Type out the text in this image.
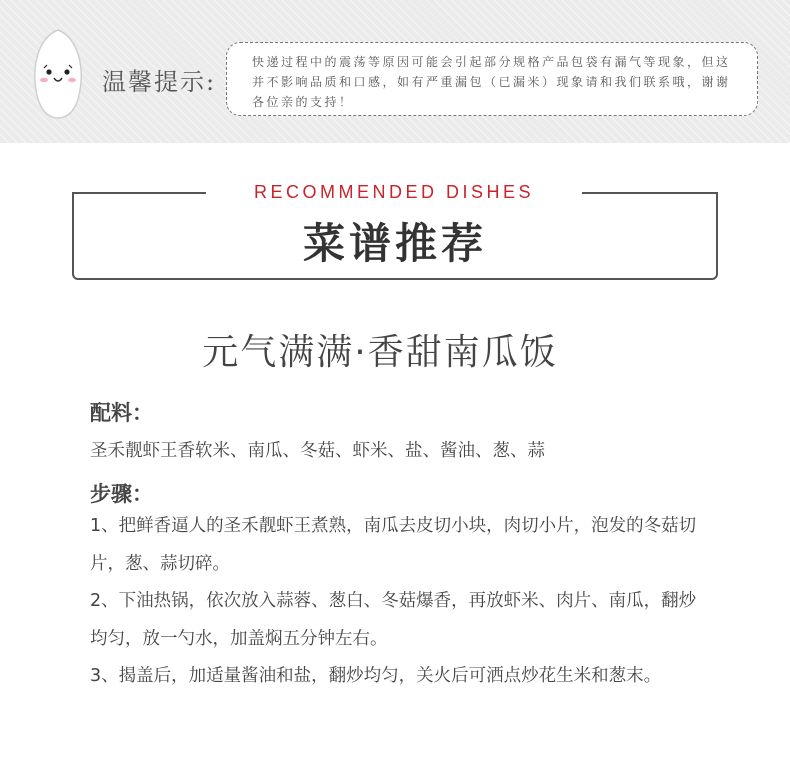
温馨提示:
快递过程中的震荡等原因可能会引起部分规格产品包袋有漏气等现象，但这并不影响品质和口感，如有严重漏包（已漏米）现象请和我们联系哦，谢谢各位亲的支持！
RECOMMENDED DISHES
菜谱推荐
元气满满·香甜南瓜饭
配料：
圣禾靓虾王香软米、南瓜、冬菇、虾米、盐、酱油、葱、蒜
步骤：

1、把鲜香逼人的圣禾靓虾王煮熟，南瓜去皮切小块，肉切小片，泡发的冬菇切片，葱、蒜切碎。

2、下油热锅，依次放入蒜蓉、葱白、冬菇爆香，再放虾米、肉片、南瓜，翻炒均匀，放一勺水，加盖焖五分钟左右。

3、揭盖后，加适量酱油和盐，翻炒均匀，关火后可洒点炒花生米和葱末。
